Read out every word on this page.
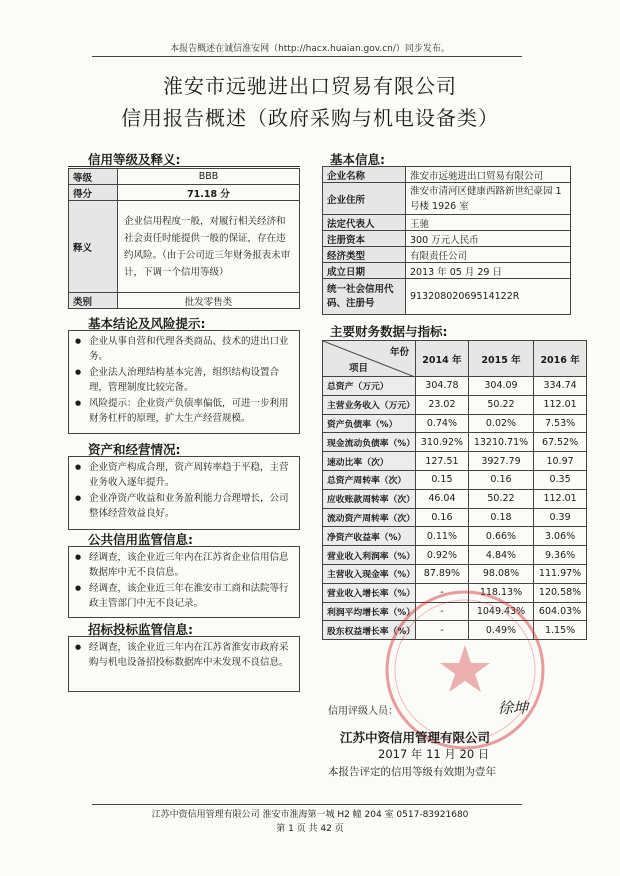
本报告概述在诚信淮安网（http://hacx.huaian.gov.cn/）同步发布。
淮安市远驰进出口贸易有限公司
信用报告概述（政府采购与机电设备类）
信用等级及释义:
等级	BBB
得分	71.18 分
释义	企业信用程度一般，对履行相关经济和社会责任时能提供一般的保证，存在违约风险。（由于公司近三年财务报表未审计，下调一个信用等级）
类别	批发零售类
基本结论及风险提示:
● 企业从事自营和代理各类商品、技术的进出口业务。
● 企业法人治理结构基本完善，组织结构设置合理，管理制度比较完备。
● 风险提示：企业资产负债率偏低，可进一步利用财务杠杆的原理，扩大生产经营规模。
资产和经营情况:
● 企业资产构成合理，资产周转率趋于平稳，主营业务收入逐年提升。
● 企业净资产收益和业务盈利能力合理增长，公司整体经营效益良好。
公共信用监管信息:
● 经调查，该企业近三年内在江苏省企业信用信息数据库中无不良信息。
● 经调查，该企业近三年在淮安市工商和法院等行政主管部门中无不良记录。
招标投标监管信息:
● 经调查，该企业近三年内在江苏省淮安市政府采购与机电设备招投标数据库中未发现不良信息。
基本信息:
企业名称	淮安市远驰进出口贸易有限公司
企业住所	淮安市清河区健康西路新世纪豪园 1 号楼 1926 室
法定代表人	王驰
注册资本	300 万元人民币
经济类型	有限责任公司
成立日期	2013 年 05 月 29 日
统一社会信用代码、注册号	91320802069514122R
主要财务数据与指标:
年份
项目	2014 年	2015 年	2016 年
总资产（万元）	304.78	304.09	334.74
主营业务收入（万元）	23.02	50.22	112.01
资产负债率（%）	0.74%	0.02%	7.53%
现金流动负债率（%）	310.92%	13210.71%	67.52%
速动比率（次）	127.51	3927.79	10.97
总资产周转率（次）	0.15	0.16	0.35
应收账款周转率（次）	46.04	50.22	112.01
流动资产周转率（次）	0.16	0.18	0.39
净资产收益率（%）	0.11%	0.66%	3.06%
营业收入利润率（%）	0.92%	4.84%	9.36%
主营收入现金率（%）	87.89%	98.08%	111.97%
营业收入增长率（%）	-	118.13%	120.58%
利润平均增长率（%）	-	1049.43%	604.03%
股东权益增长率（%）	-	0.49%	1.15%
信用评级人员：	徐坤
江苏中资信用管理有限公司
2017 年 11 月 20 日
本报告评定的信用等级有效期为壹年
江苏中资信用管理有限公司 淮安市淮海第一城 H2 幢 204 室 0517-83921680
第 1 页 共 42 页
